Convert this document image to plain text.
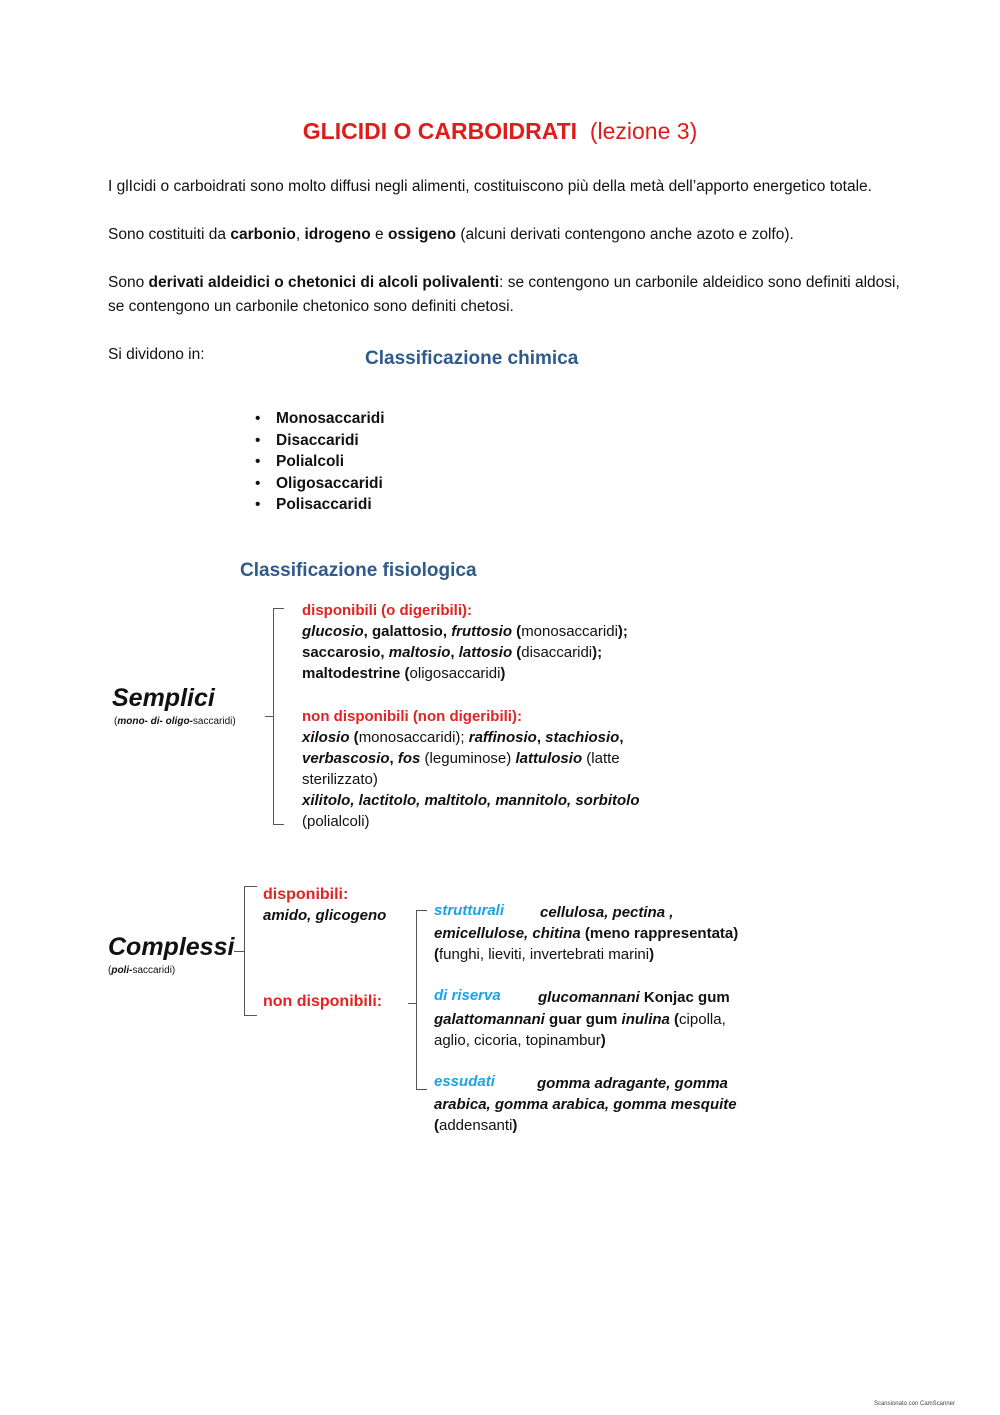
GLICIDI O CARBOIDRATI (lezione 3)
I glIcidi o carboidrati sono molto diffusi negli alimenti, costituiscono più della metà dell’apporto energetico totale.
Sono costituiti da carbonio, idrogeno e ossigeno (alcuni derivati contengono anche azoto e zolfo).
Sono derivati aldeidici o chetonici di alcoli polivalenti: se contengono un carbonile aldeidico sono definiti aldosi, se contengono un carbonile chetonico sono definiti chetosi.
Si dividono in:	Classificazione chimica
• Monosaccaridi
• Disaccaridi
• Polialcoli
• Oligosaccaridi
• Polisaccaridi
Classificazione fisiologica
Semplici
(mono- di- oligo-saccaridi)
disponibili (o digeribili):
glucosio, galattosio, fruttosio (monosaccaridi);
saccarosio, maltosio, lattosio (disaccaridi);
maltodestrine (oligosaccaridi)
non disponibili (non digeribili):
xilosio (monosaccaridi); raffinosio, stachiosio,
verbascosio, fos (leguminose) lattulosio (latte
sterilizzato)
xilitolo, lactitolo, maltitolo, mannitolo, sorbitolo
(polialcoli)
Complessi
(poli-saccaridi)
disponibili:
amido, glicogeno
non disponibili:
strutturali cellulosa, pectina ,
emicellulose, chitina (meno rappresentata)
(funghi, lieviti, invertebrati marini)
di riserva glucomannani Konjac gum
galattomannani guar gum inulina (cipolla,
aglio, cicoria, topinambur)
essudati	gomma adragante, gomma
arabica, gomma arabica, gomma mesquite
(addensanti)
Scansionato con CamScanner
